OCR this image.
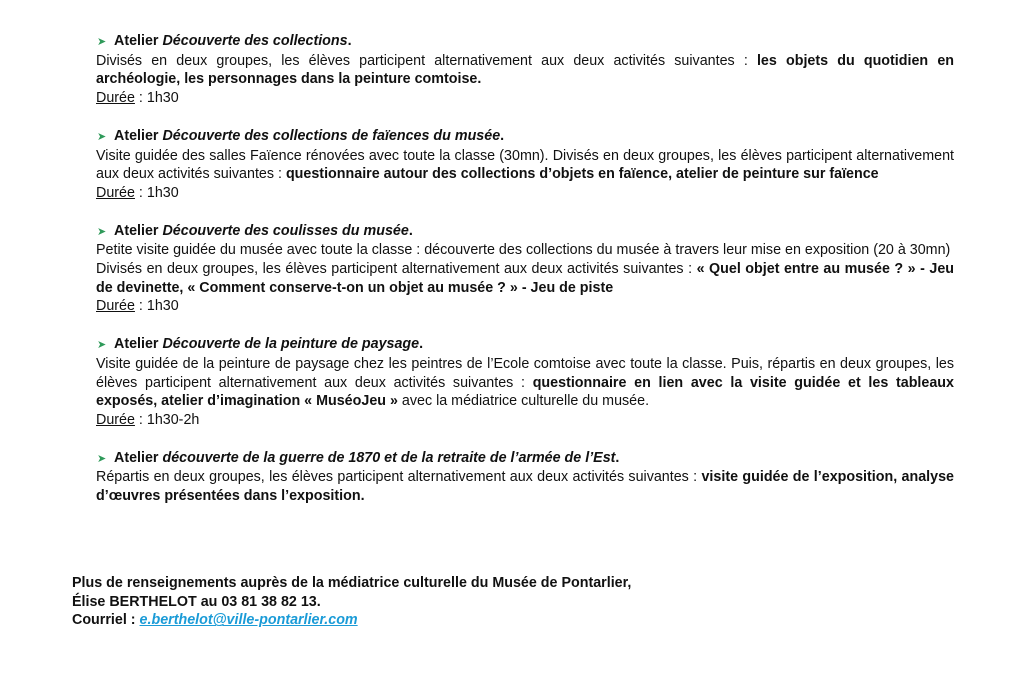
➤ Atelier Découverte des collections.
Divisés en deux groupes, les élèves participent alternativement aux deux activités suivantes : les objets du quotidien en archéologie, les personnages dans la peinture comtoise.
Durée : 1h30
➤ Atelier Découverte des collections de faïences du musée.
Visite guidée des salles Faïence rénovées avec toute la classe (30mn). Divisés en deux groupes, les élèves participent alternativement aux deux activités suivantes : questionnaire autour des collections d’objets en faïence, atelier de peinture sur faïence
Durée : 1h30
➤ Atelier Découverte des coulisses du musée.
Petite visite guidée du musée avec toute la classe : découverte des collections du musée à travers leur mise en exposition (20 à 30mn)
Divisés en deux groupes, les élèves participent alternativement aux deux activités suivantes : « Quel objet entre au musée ? » - Jeu de devinette, « Comment conserve-t-on un objet au musée ? » - Jeu de piste
Durée : 1h30
➤ Atelier Découverte de la peinture de paysage.
Visite guidée de la peinture de paysage chez les peintres de l’Ecole comtoise avec toute la classe. Puis, répartis en deux groupes, les élèves participent alternativement aux deux activités suivantes : questionnaire en lien avec la visite guidée et les tableaux exposés, atelier d’imagination « MuséoJeu » avec la médiatrice culturelle du musée.
Durée : 1h30-2h
➤ Atelier découverte de la guerre de 1870 et de la retraite de l’armée de l’Est.
Répartis en deux groupes, les élèves participent alternativement aux deux activités suivantes : visite guidée de l’exposition, analyse d’œuvres présentées dans l’exposition.
Plus de renseignements auprès de la médiatrice culturelle du Musée de Pontarlier,
Élise BERTHELOT au 03 81 38 82 13.
Courriel : e.berthelot@ville-pontarlier.com
